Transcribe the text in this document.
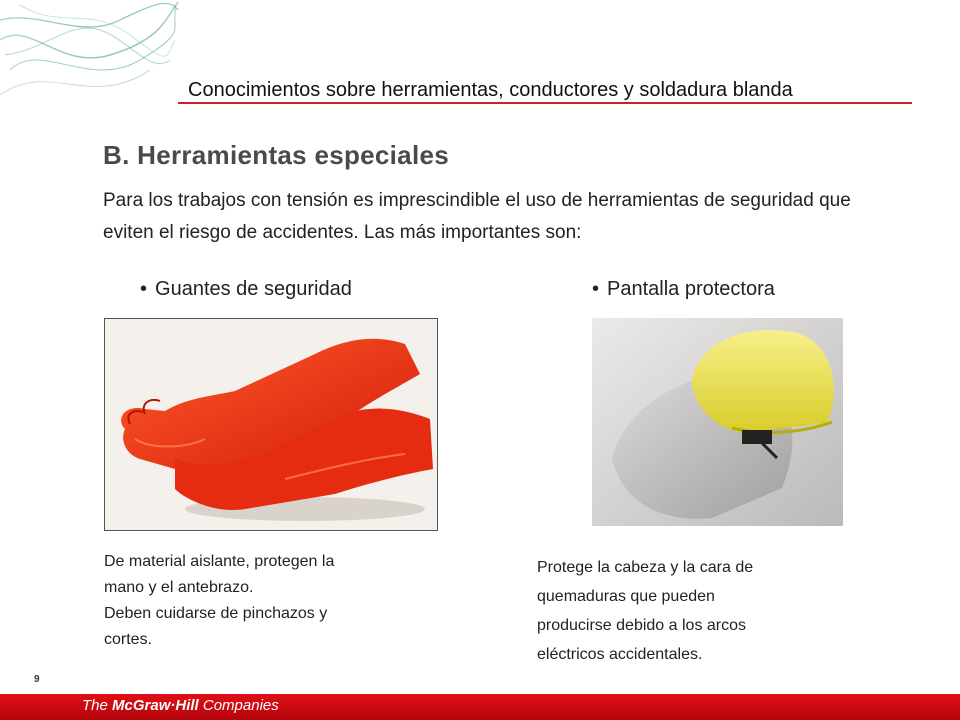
Conocimientos sobre herramientas, conductores y soldadura blanda
B. Herramientas especiales
Para los trabajos con tensión es imprescindible el uso de herramientas de seguridad que eviten el riesgo de accidentes. Las más importantes son:
• Guantes de seguridad	• Pantalla protectora
De material aislante, protegen la
mano y el antebrazo.
Deben cuidarse de pinchazos y
cortes.
Protege la cabeza y la cara de
quemaduras que pueden
producirse debido a los arcos
eléctricos accidentales.
9
The McGraw·Hill Companies
